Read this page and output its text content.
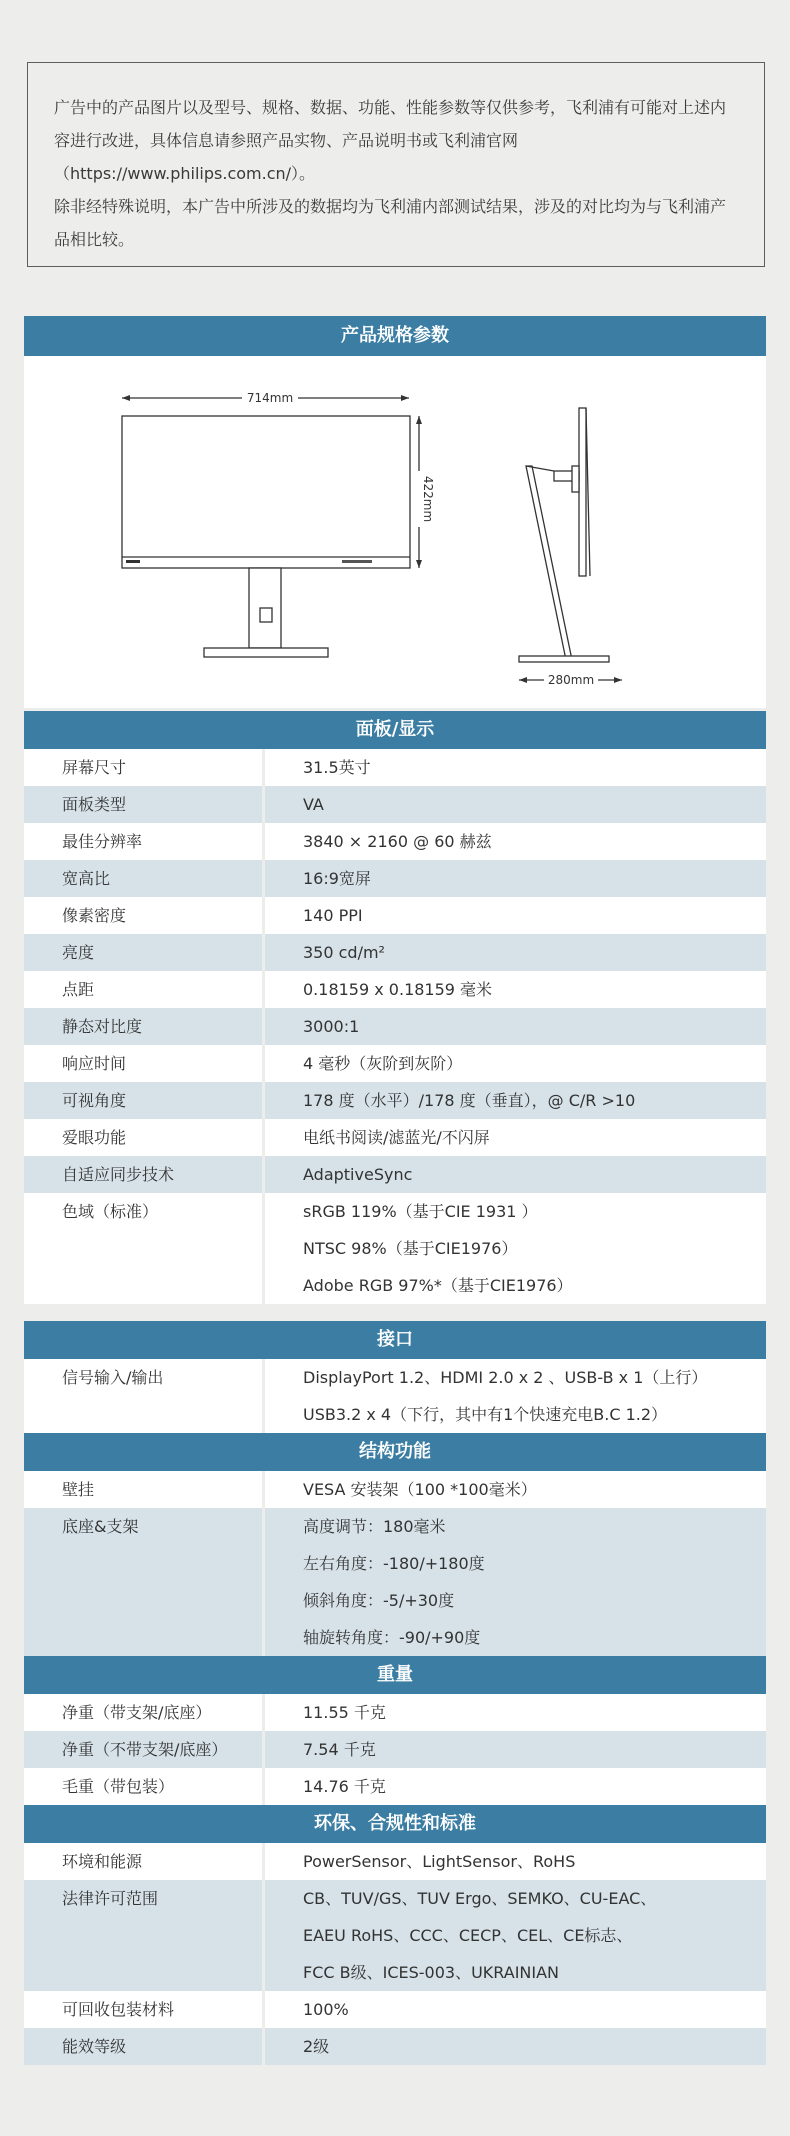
广告中的产品图片以及型号、规格、数据、功能、性能参数等仅供参考，飞利浦有可能对上述内容进行改进，具体信息请参照产品实物、产品说明书或飞利浦官网（https://www.philips.com.cn/）。

除非经特殊说明，本广告中所涉及的数据均为飞利浦内部测试结果，涉及的对比均为与飞利浦产品相比较。

产品规格参数
714mm
422mm
280mm
面板/显示
屏幕尺寸	31.5英寸
面板类型	VA
最佳分辨率	3840 × 2160 @ 60 赫兹
宽高比	16:9宽屏
像素密度	140 PPI
亮度	350 cd/m²
点距	0.18159 x 0.18159 毫米
静态对比度	3000:1
响应时间	4 毫秒（灰阶到灰阶）
可视角度	178 度（水平）/178 度（垂直），@ C/R >10
爱眼功能	电纸书阅读/滤蓝光/不闪屏
自适应同步技术	AdaptiveSync
色域（标准）	sRGB 119%（基于CIE 1931 ）
NTSC 98%（基于CIE1976）
Adobe RGB 97%*（基于CIE1976）
接口
信号输入/输出	DisplayPort 1.2、HDMI 2.0 x 2 、USB-B x 1（上行）
USB3.2 x 4（下行，其中有1个快速充电B.C 1.2）
结构功能
壁挂	VESA 安装架（100 *100毫米）
底座&支架	高度调节：180毫米
左右角度：-180/+180度
倾斜角度：-5/+30度
轴旋转角度：-90/+90度
重量
净重（带支架/底座）	11.55 千克
净重（不带支架/底座）	7.54 千克
毛重（带包装）	14.76 千克
环保、合规性和标准
环境和能源	PowerSensor、LightSensor、RoHS
法律许可范围	CB、TUV/GS、TUV Ergo、SEMKO、CU-EAC、
EAEU RoHS、CCC、CECP、CEL、CE标志、
FCC B级、ICES-003、UKRAINIAN
可回收包装材料	100%
能效等级	2级
